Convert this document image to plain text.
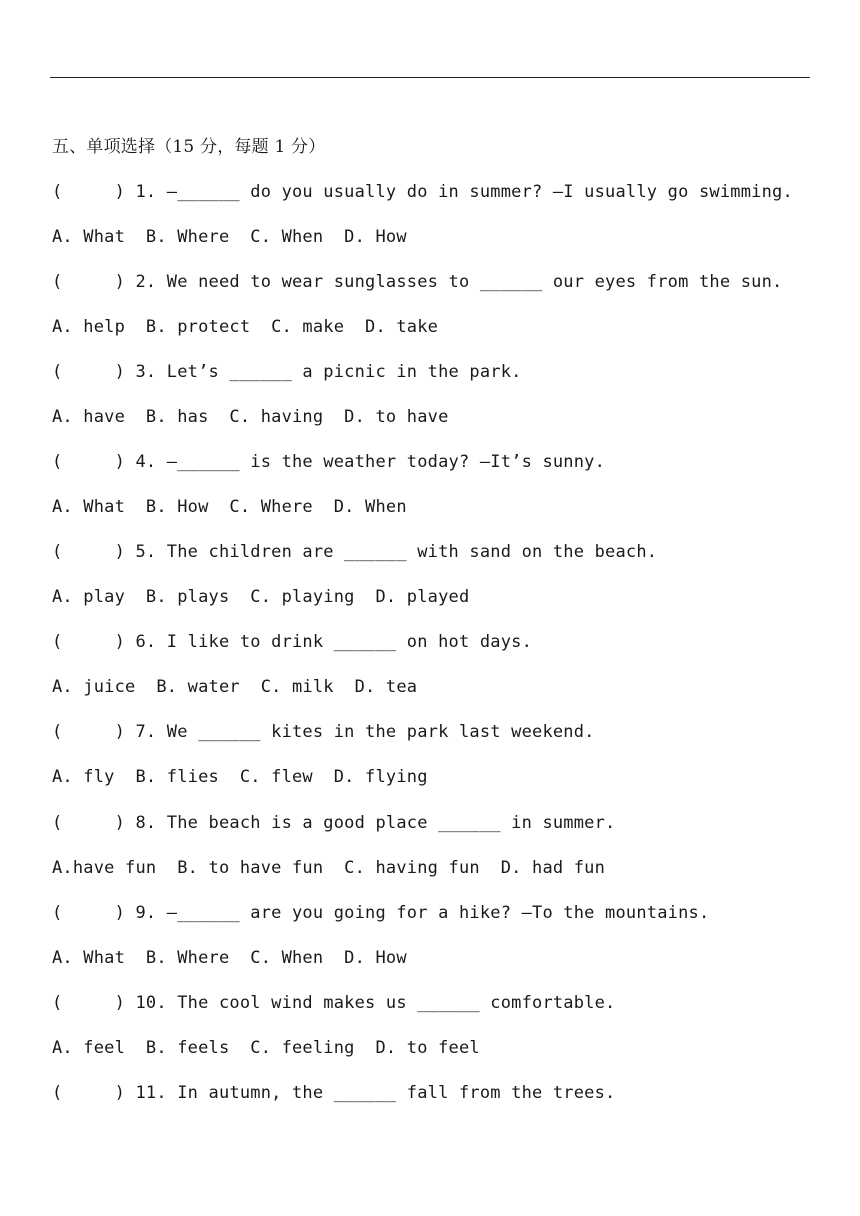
五、单项选择（15 分，每题 1 分）
(     ) 1. —______ do you usually do in summer? —I usually go swimming.
A. What  B. Where  C. When  D. How
(     ) 2. We need to wear sunglasses to ______ our eyes from the sun.
A. help  B. protect  C. make  D. take
(     ) 3. Let’s ______ a picnic in the park.
A. have  B. has  C. having  D. to have
(     ) 4. —______ is the weather today? —It’s sunny.
A. What  B. How  C. Where  D. When
(     ) 5. The children are ______ with sand on the beach.
A. play  B. plays  C. playing  D. played
(     ) 6. I like to drink ______ on hot days.
A. juice  B. water  C. milk  D. tea
(     ) 7. We ______ kites in the park last weekend.
A. fly  B. flies  C. flew  D. flying
(     ) 8. The beach is a good place ______ in summer.
A.have fun  B. to have fun  C. having fun  D. had fun
(     ) 9. —______ are you going for a hike? —To the mountains.
A. What  B. Where  C. When  D. How
(     ) 10. The cool wind makes us ______ comfortable.
A. feel  B. feels  C. feeling  D. to feel
(     ) 11. In autumn, the ______ fall from the trees.
